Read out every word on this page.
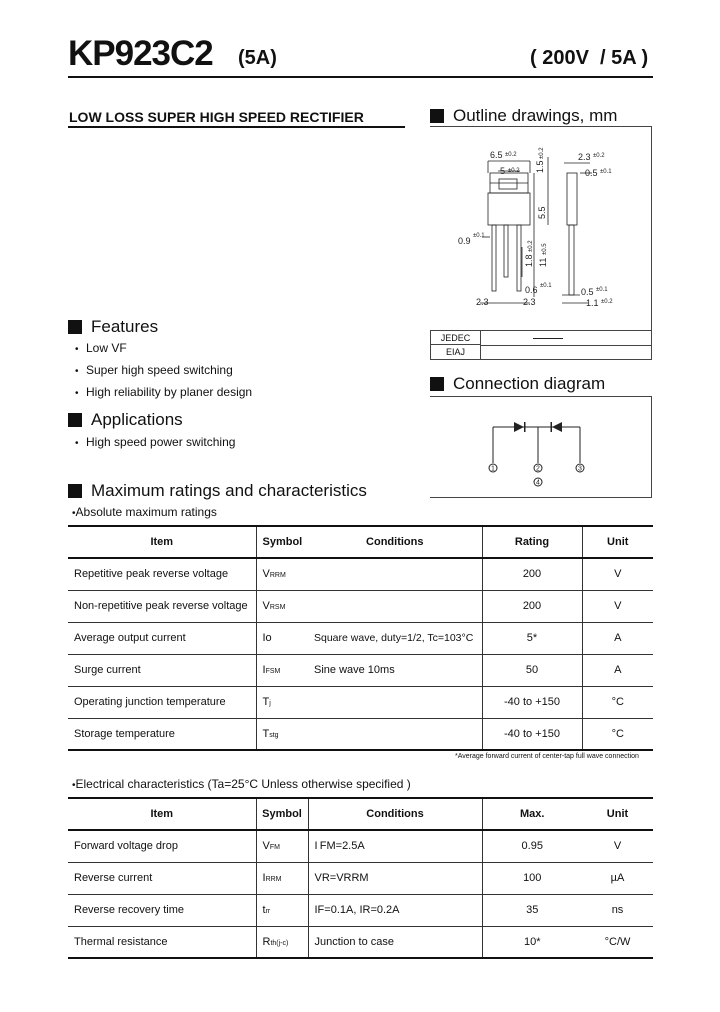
KP923C2 (5A)	( 200V  / 5A )
LOW LOSS SUPER HIGH SPEED RECTIFIER	Outline drawings, mm
6.5 ±0.2
5 ±0.2 1.5
±0.2
5.5
0.9 ±0.1
1.8
±0.2
11
±0.5
0.6 ±0.1
2.3	2.3
2.3 ±0.2
0.5 ±0.1
0.5 ±0.1
1.1 ±0.2
JEDEC
EIAJ
Features
• Low VF
• Super high speed switching
• High reliability by planer design
Applications
• High speed power switching
Connection diagram
1	2	3
4
Maximum ratings and characteristics
•Absolute maximum ratings
Item	Symbol	Conditions	Rating	Unit
Repetitive peak reverse voltage	VRRM		200	V
Non-repetitive peak reverse voltage	VRSM		200	V
Average output current	Io	Square wave, duty=1/2, Tc=103°C	5*	A
Surge current	IFSM	Sine wave 10ms	50	A
Operating junction temperature	Tj		-40 to +150	°C
Storage temperature	Tstg		-40 to +150	°C
*Average forward current of center-tap full wave connection
•Electrical characteristics (Ta=25°C Unless otherwise specified )
Item	Symbol	Conditions	Max.	Unit
Forward voltage drop	VFM	I FM=2.5A	0.95	V
Reverse current	IRRM	VR=VRRM	100	µA
Reverse recovery time	trr	IF=0.1A, IR=0.2A	35	ns
Thermal resistance	Rth(j-c)	Junction to case	10*	°C/W
